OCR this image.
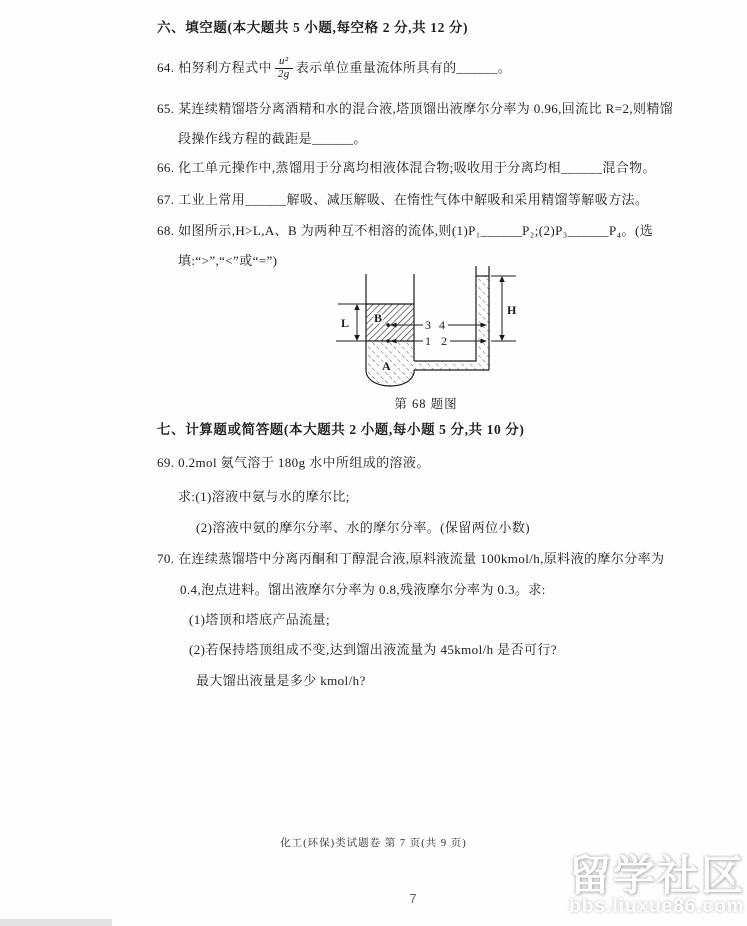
六、填空题(本大题共 5 小题,每空格 2 分,共 12 分)
64. 柏努利方程式中 $\frac{\text{u²}}{2g}$ 表示单位重量流体所具有的______。
65. 某连续精馏塔分离酒精和水的混合液,塔顶馏出液摩尔分率为 0.96,回流比 R=2,则精馏
段操作线方程的截距是______。
66. 化工单元操作中,蒸馏用于分离均相液体混合物;吸收用于分离均相______混合物。
67. 工业上常用______解吸、减压解吸、在惰性气体中解吸和采用精馏等解吸方法。
68. 如图所示,H>L,A、B 为两种互不相溶的流体,则(1)P₁______P₂;(2)P₃______P₄。(选
填:“>”,“<”或“=”)
L
H
B
A
3
1
4
2
第 68 题图
七、计算题或简答题(本大题共 2 小题,每小题 5 分,共 10 分)
69. 0.2mol 氨气溶于 180g 水中所组成的溶液。
求:(1)溶液中氨与水的摩尔比;
(2)溶液中氨的摩尔分率、水的摩尔分率。(保留两位小数)
70. 在连续蒸馏塔中分离丙酮和丁醇混合液,原料液流量 100kmol/h,原料液的摩尔分率为
0.4,泡点进料。馏出液摩尔分率为 0.8,残液摩尔分率为 0.3。求:
(1)塔顶和塔底产品流量;
(2)若保持塔顶组成不变,达到馏出液流量为 45kmol/h 是否可行?
最大馏出液量是多少 kmol/h?
化工(环保)类试题卷 第 7 页(共 9 页)
7	留学社区
bbs.liuxue86.com
